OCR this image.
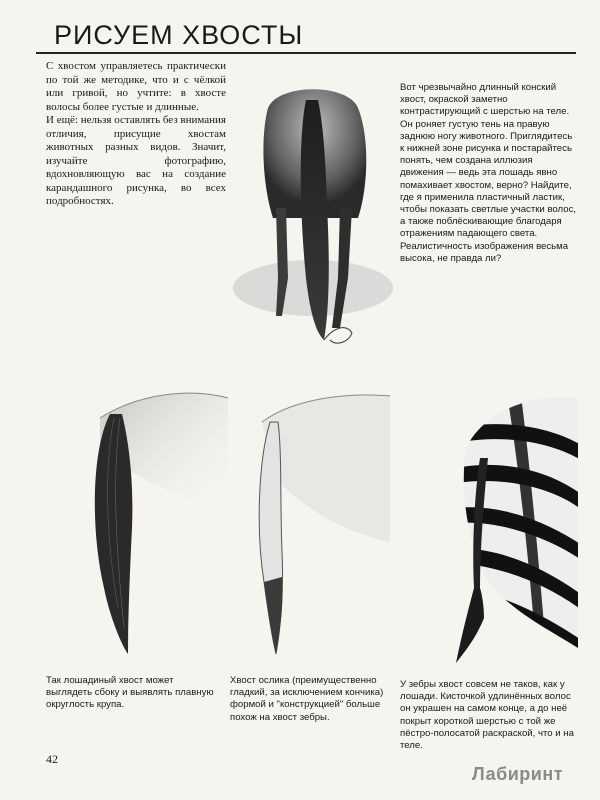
РИСУЕМ ХВОСТЫ

С хвостом управляетесь практически по той же методике, что и с чёлкой или гривой, но учтите: в хвосте волосы более густые и длинные.

И ещё: нельзя оставлять без внимания отличия, присущие хвостам животных разных видов. Значит, изучайте фотографию, вдохновляющую вас на создание карандашного рисунка, во всех подробностях.

Вот чрезвычайно длинный конский хвост, окраской заметно контрастирующий с шерстью на теле. Он роняет густую тень на правую заднюю ногу животного. Приглядитесь к нижней зоне рисунка и постарайтесь понять, чем создана иллюзия движения — ведь эта лошадь явно помахивает хвостом, верно? Найдите, где я применила пластичный ластик, чтобы показать светлые участки волос, а также поблёскивающие благодаря отражениям падающего света. Реалистичность изображения весьма высока, не правда ли?
Так лошадиный хвост может выглядеть сбоку и выявлять плавную округлость крупа.
Хвост ослика (преимущественно гладкий, за исключением кончика) формой и "конструкцией" больше похож на хвост зебры.
У зебры хвост совсем не таков, как у лошади. Кисточкой удлинённых волос он украшен на самом конце, а до неё покрыт короткой шерстью с той же пёстро-полосатой раскраской, что и на теле.
42
Лабиринт
